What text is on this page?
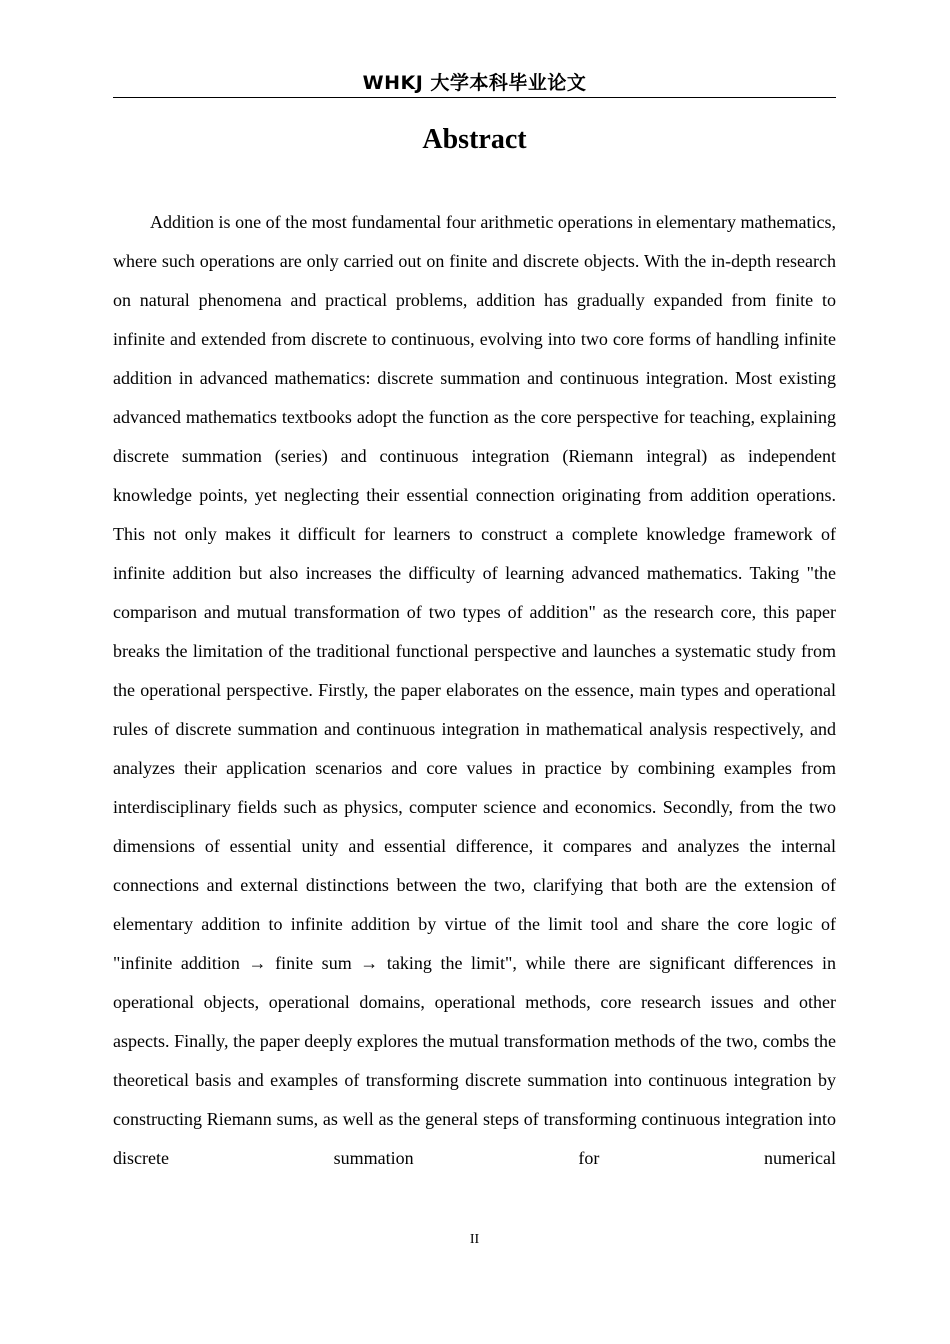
WHKJ 大学本科毕业论文
Abstract

Addition is one of the most fundamental four arithmetic operations in elementary mathematics, where such operations are only carried out on finite and discrete objects. With the in-depth research on natural phenomena and practical problems, addition has gradually expanded from finite to infinite and extended from discrete to continuous, evolving into two core forms of handling infinite addition in advanced mathematics: discrete summation and continuous integration. Most existing advanced mathematics textbooks adopt the function as the core perspective for teaching, explaining discrete summation (series) and continuous integration (Riemann integral) as independent knowledge points, yet neglecting their essential connection originating from addition operations. This not only makes it difficult for learners to construct a complete knowledge framework of infinite addition but also increases the difficulty of learning advanced mathematics. Taking "the comparison and mutual transformation of two types of addition" as the research core, this paper breaks the limitation of the traditional functional perspective and launches a systematic study from the operational perspective. Firstly, the paper elaborates on the essence, main types and operational rules of discrete summation and continuous integration in mathematical analysis respectively, and analyzes their application scenarios and core values in practice by combining examples from interdisciplinary fields such as physics, computer science and economics. Secondly, from the two dimensions of essential unity and essential difference, it compares and analyzes the internal connections and external distinctions between the two, clarifying that both are the extension of elementary addition to infinite addition by virtue of the limit tool and share the core logic of "infinite addition → finite sum → taking the limit", while there are significant differences in operational objects, operational domains, operational methods, core research issues and other aspects. Finally, the paper deeply explores the mutual transformation methods of the two, combs the theoretical basis and examples of transforming discrete summation into continuous integration by constructing Riemann sums, as well as the general steps of transforming continuous integration into discrete summation for numerical

II
